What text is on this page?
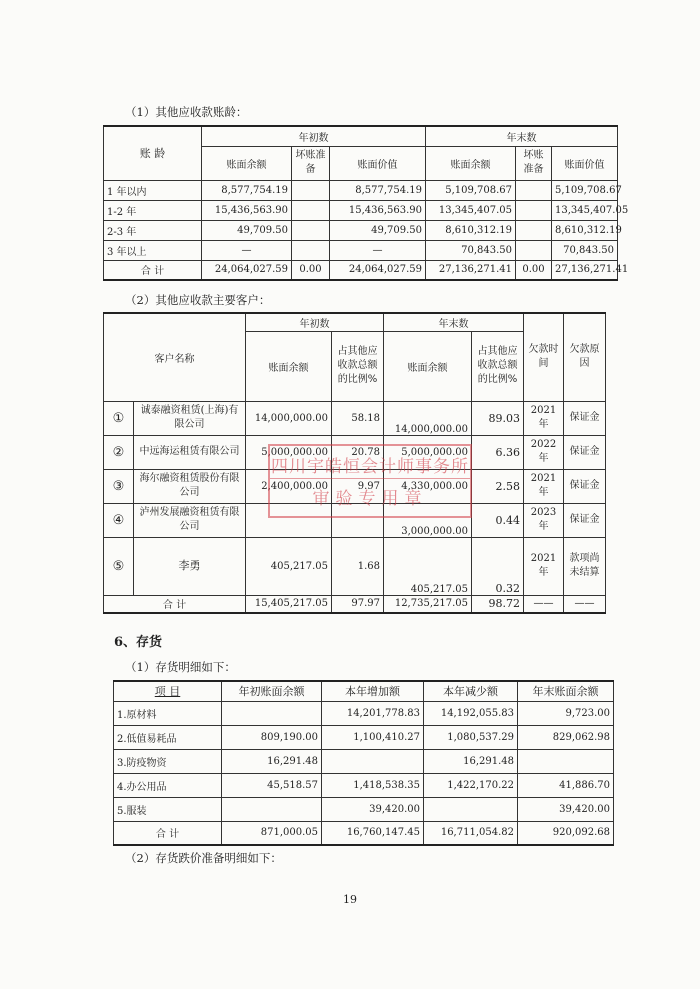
（1）其他应收款账龄：
账 龄	年初数			年末数		
	账面余额	坏账准备	账面价值	账面余额	坏账准备	账面价值
1 年以内	8,577,754.19		8,577,754.19	5,109,708.67		5,109,708.67
1-2 年	15,436,563.90		15,436,563.90	13,345,407.05		13,345,407.05
2-3 年	49,709.50		49,709.50	8,610,312.19		8,610,312.19
3 年以上	—		—	70,843.50		70,843.50
合 计	24,064,027.59	0.00	24,064,027.59	27,136,271.41	0.00	27,136,271.41
（2）其他应收款主要客户：
客户名称		年初数		年末数		欠款时间	欠款原因
		账面余额	占其他应收款总额的比例%	账面余额	占其他应收款总额的比例%		
①	诚泰融资租赁(上海)有限公司	14,000,000.00	58.18	14,000,000.00	89.03	2021年	保证金
②	中远海运租赁有限公司	5,000,000.00	20.78	5,000,000.00	6.36	2022年	保证金
③	海尔融资租赁股份有限公司	2,400,000.00	9.97	4,330,000.00	2.58	2021年	保证金
④	泸州发展融资租赁有限公司			3,000,000.00	0.44	2023年	保证金
⑤	李勇	405,217.05	1.68	405,217.05	0.32	2021年	款项尚未结算
合 计		15,405,217.05	97.97	12,735,217.05	98.72	——	——
四川宇皓恒会计师事务所
审验专用章
6、存货
（1）存货明细如下：
项 目	年初账面余额	本年增加额	本年减少额	年末账面余额
1.原材料		14,201,778.83	14,192,055.83	9,723.00
2.低值易耗品	809,190.00	1,100,410.27	1,080,537.29	829,062.98
3.防疫物资	16,291.48		16,291.48	
4.办公用品	45,518.57	1,418,538.35	1,422,170.22	41,886.70
5.服装		39,420.00		39,420.00
合 计	871,000.05	16,760,147.45	16,711,054.82	920,092.68
（2）存货跌价准备明细如下：
19
